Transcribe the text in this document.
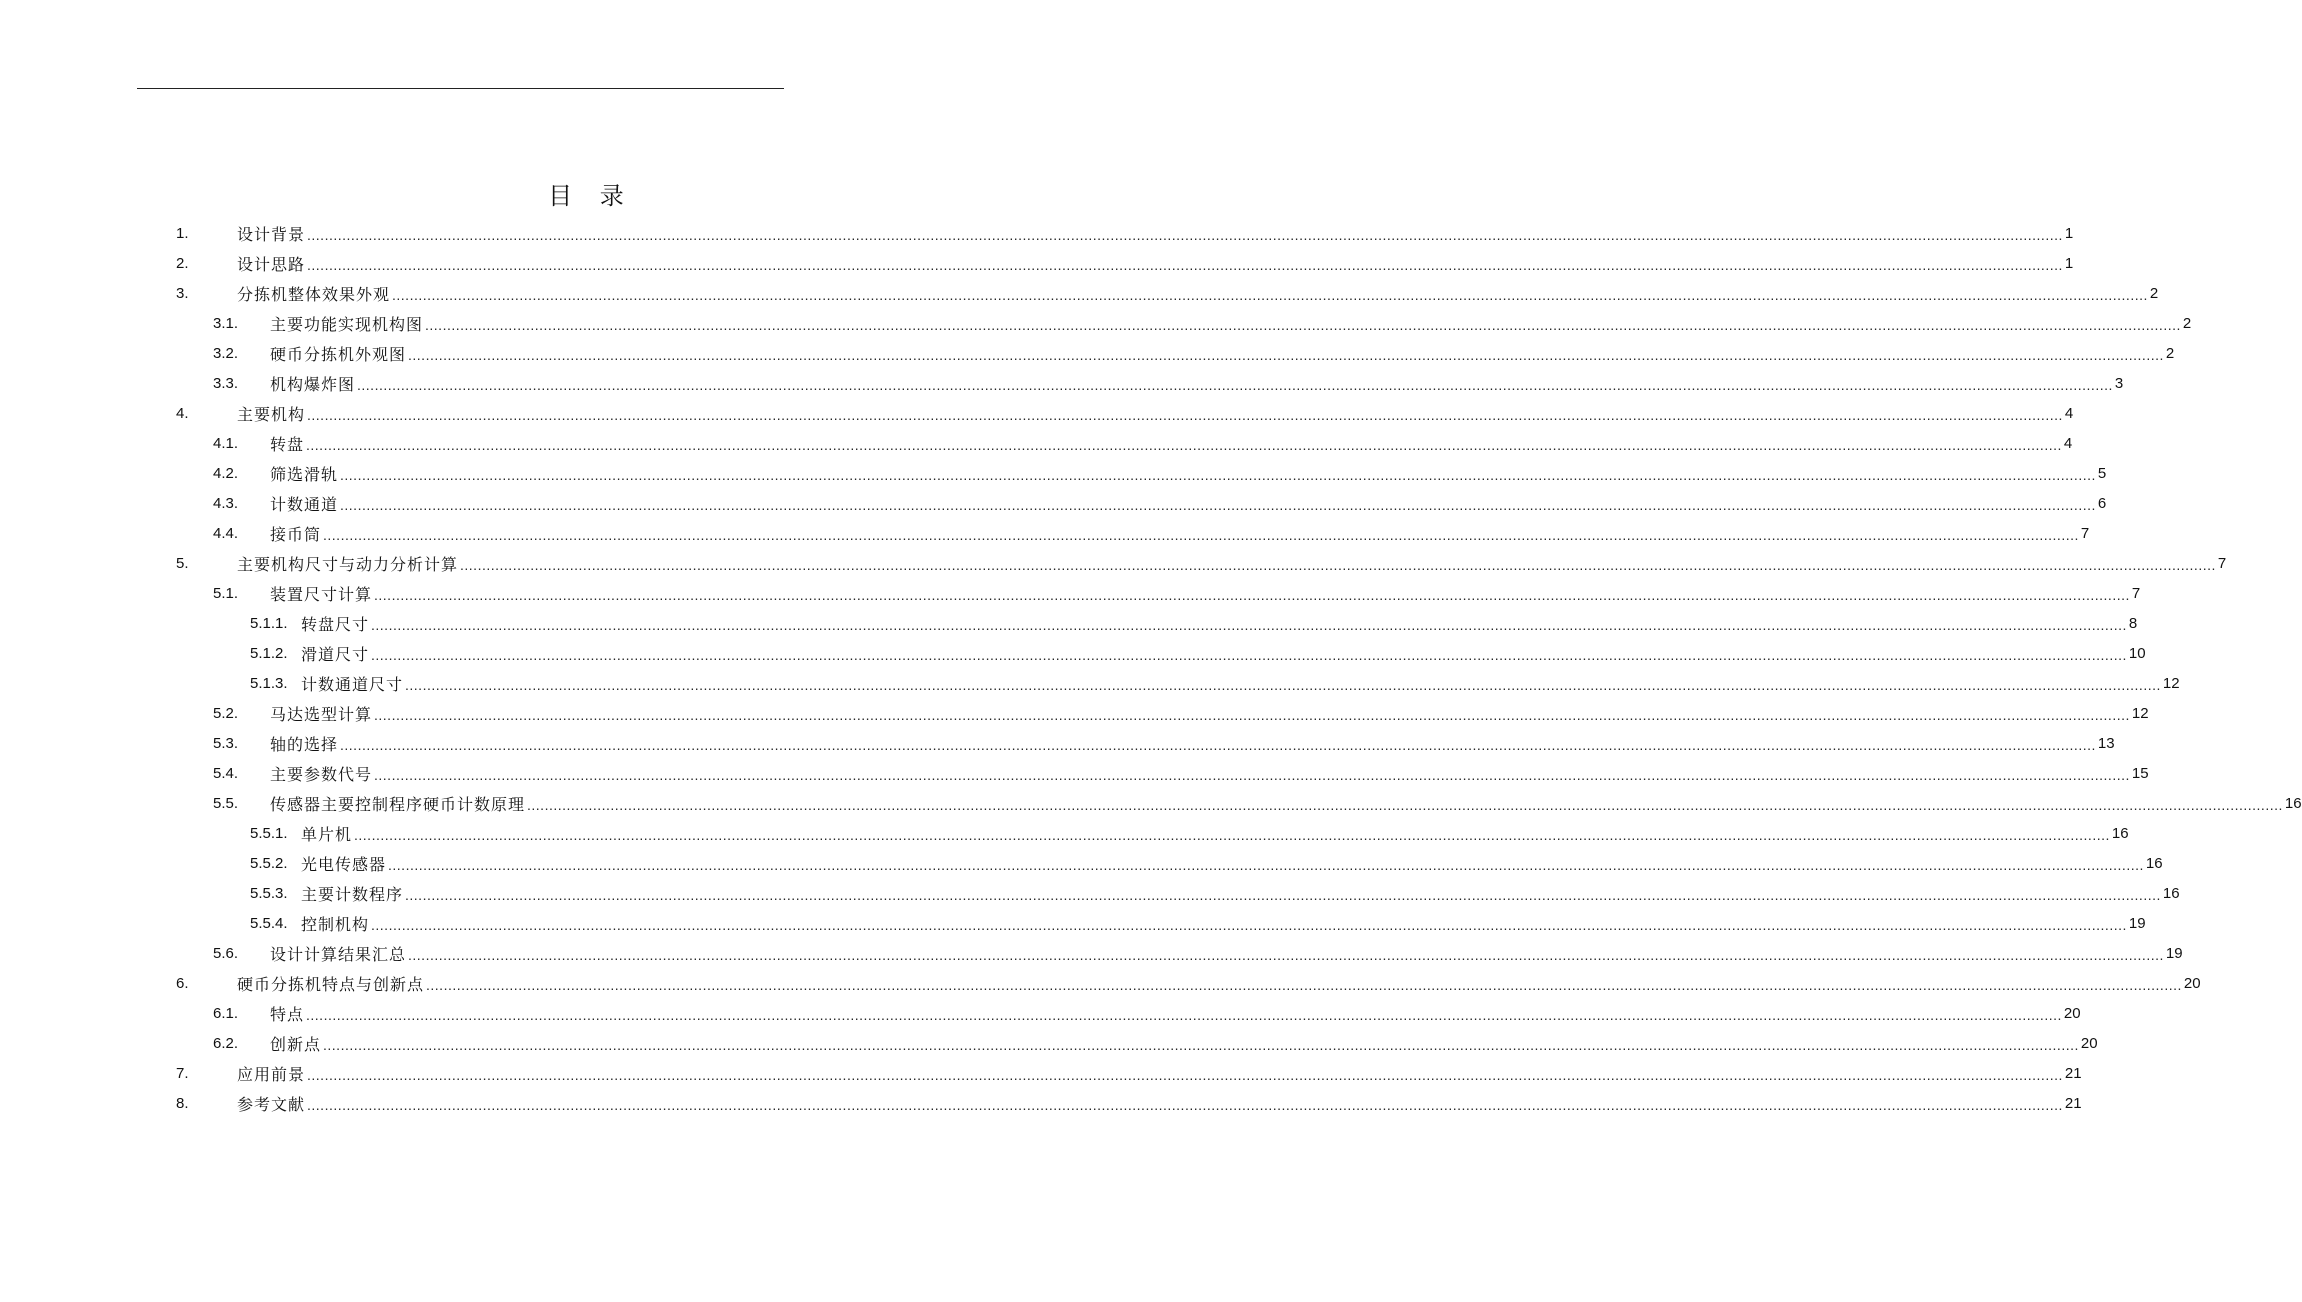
目 录
1.	设计背景 ................................................................................................................................................................................................................................................................................................................................................................................................................ 1
2.	设计思路 ................................................................................................................................................................................................................................................................................................................................................................................................................ 1
3.	分拣机整体效果外观 ................................................................................................................................................................................................................................................................................................................................................................................................................ 2
3.1.	主要功能实现机构图 ................................................................................................................................................................................................................................................................................................................................................................................................................ 2
3.2.	硬币分拣机外观图 ................................................................................................................................................................................................................................................................................................................................................................................................................ 2
3.3.	机构爆炸图 ................................................................................................................................................................................................................................................................................................................................................................................................................ 3
4.	主要机构 ................................................................................................................................................................................................................................................................................................................................................................................................................ 4
4.1.	转盘 ................................................................................................................................................................................................................................................................................................................................................................................................................ 4
4.2.	筛选滑轨 ................................................................................................................................................................................................................................................................................................................................................................................................................ 5
4.3.	计数通道 ................................................................................................................................................................................................................................................................................................................................................................................................................ 6
4.4.	接币筒 ................................................................................................................................................................................................................................................................................................................................................................................................................ 7
5.	主要机构尺寸与动力分析计算 ................................................................................................................................................................................................................................................................................................................................................................................................................ 7
5.1.	装置尺寸计算 ................................................................................................................................................................................................................................................................................................................................................................................................................ 7
5.1.1. 转盘尺寸 ................................................................................................................................................................................................................................................................................................................................................................................................................ 8
5.1.2. 滑道尺寸 ................................................................................................................................................................................................................................................................................................................................................................................................................ 10
5.1.3. 计数通道尺寸 ................................................................................................................................................................................................................................................................................................................................................................................................................ 12
5.2.	马达选型计算 ................................................................................................................................................................................................................................................................................................................................................................................................................ 12
5.3.	轴的选择 ................................................................................................................................................................................................................................................................................................................................................................................................................ 13
5.4.	主要参数代号 ................................................................................................................................................................................................................................................................................................................................................................................................................ 15
5.5.	传感器主要控制程序硬币计数原理 ................................................................................................................................................................................................................................................................................................................................................................................................................ 16
5.5.1. 单片机 ................................................................................................................................................................................................................................................................................................................................................................................................................ 16
5.5.2. 光电传感器 ................................................................................................................................................................................................................................................................................................................................................................................................................ 16
5.5.3. 主要计数程序 ................................................................................................................................................................................................................................................................................................................................................................................................................ 16
5.5.4. 控制机构 ................................................................................................................................................................................................................................................................................................................................................................................................................ 19
5.6.	设计计算结果汇总 ................................................................................................................................................................................................................................................................................................................................................................................................................ 19
6.	硬币分拣机特点与创新点 ................................................................................................................................................................................................................................................................................................................................................................................................................ 20
6.1.	特点 ................................................................................................................................................................................................................................................................................................................................................................................................................ 20
6.2.	创新点 ................................................................................................................................................................................................................................................................................................................................................................................................................ 20
7.	应用前景 ................................................................................................................................................................................................................................................................................................................................................................................................................ 21
8.	参考文献 ................................................................................................................................................................................................................................................................................................................................................................................................................ 21
